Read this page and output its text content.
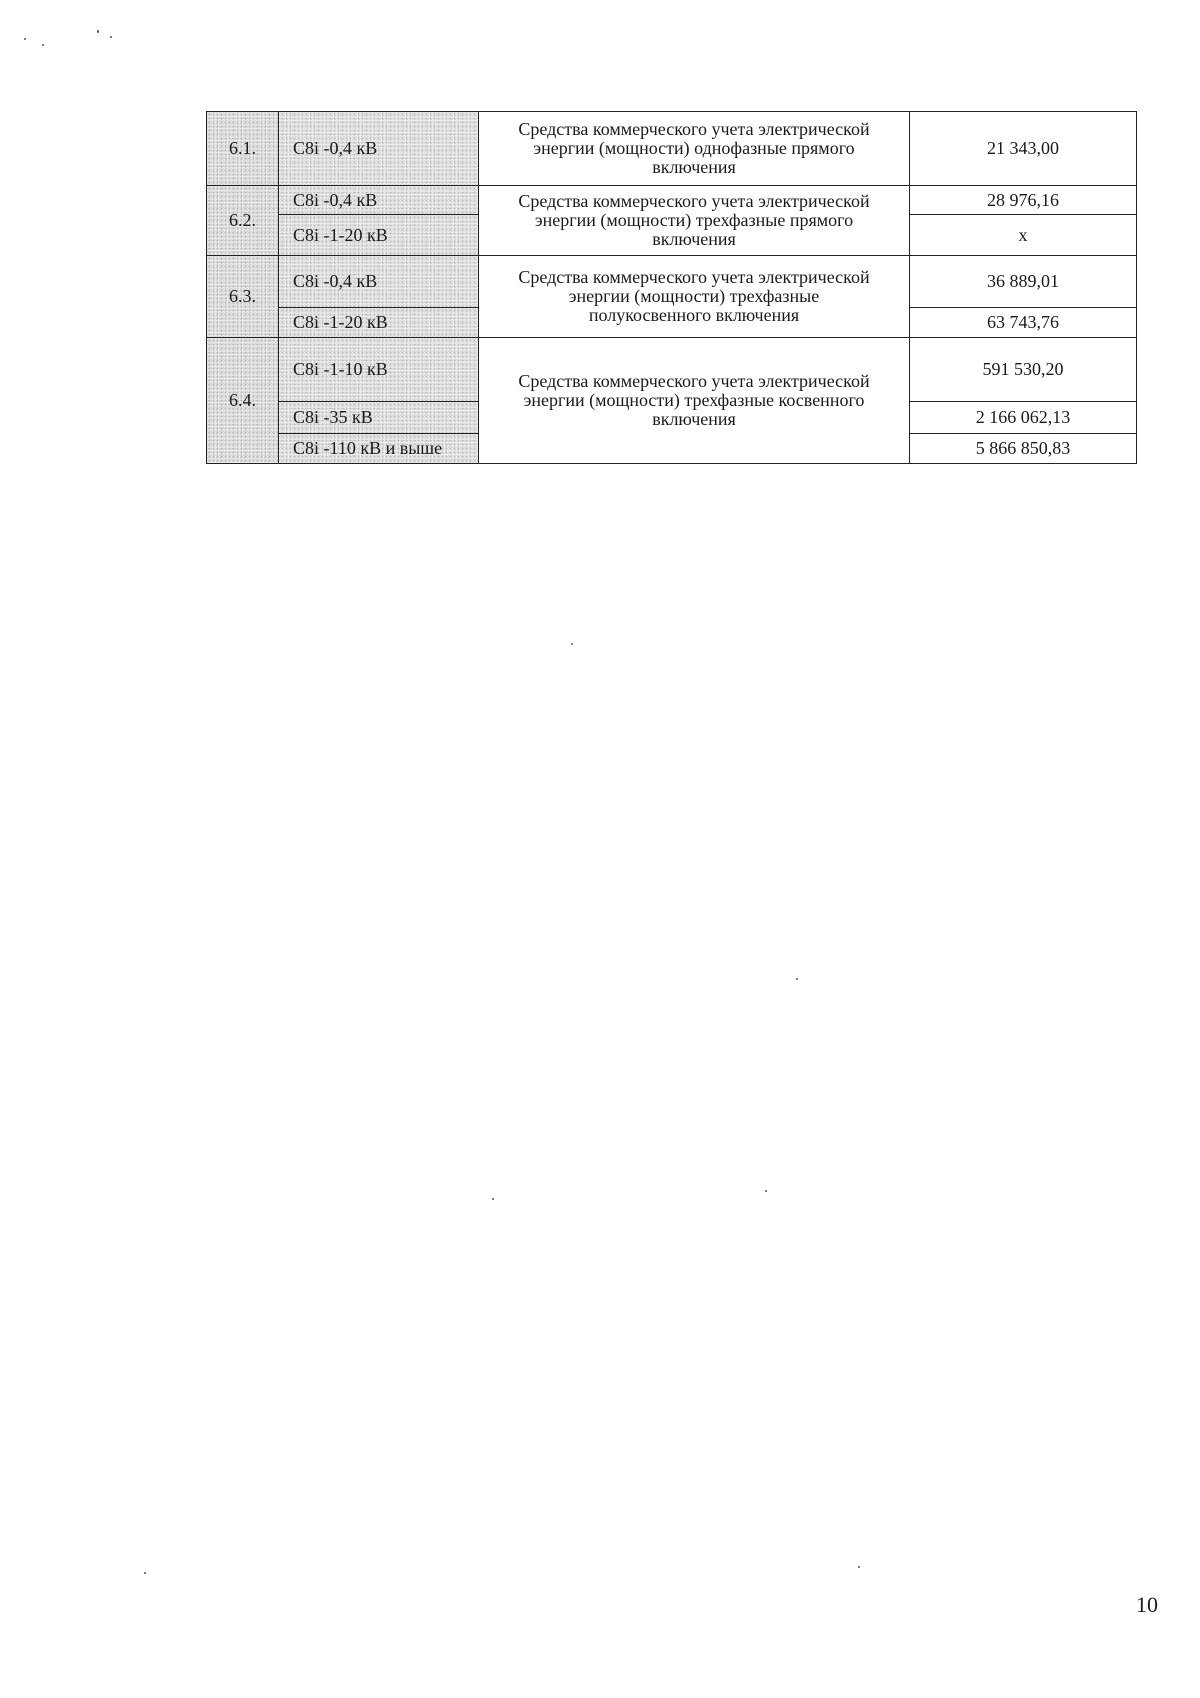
6.1.	C8i -0,4 кВ	Средства коммерческого учета электрической
энергии (мощности) однофазные прямого
включения	21 343,00
6.2.	C8i -0,4 кВ	Средства коммерческого учета электрической
энергии (мощности) трехфазные прямого
включения	28 976,16
	C8i -1-20 кВ		х
6.3.	C8i -0,4 кВ	Средства коммерческого учета электрической
энергии (мощности) трехфазные
полукосвенного включения	36 889,01
	C8i -1-20 кВ		63 743,76
6.4.	C8i -1-10 кВ	Средства коммерческого учета электрической
энергии (мощности) трехфазные косвенного
включения	591 530,20
	C8i -35 кВ		2 166 062,13
	C8i -110 кВ и выше		5 866 850,83
10
